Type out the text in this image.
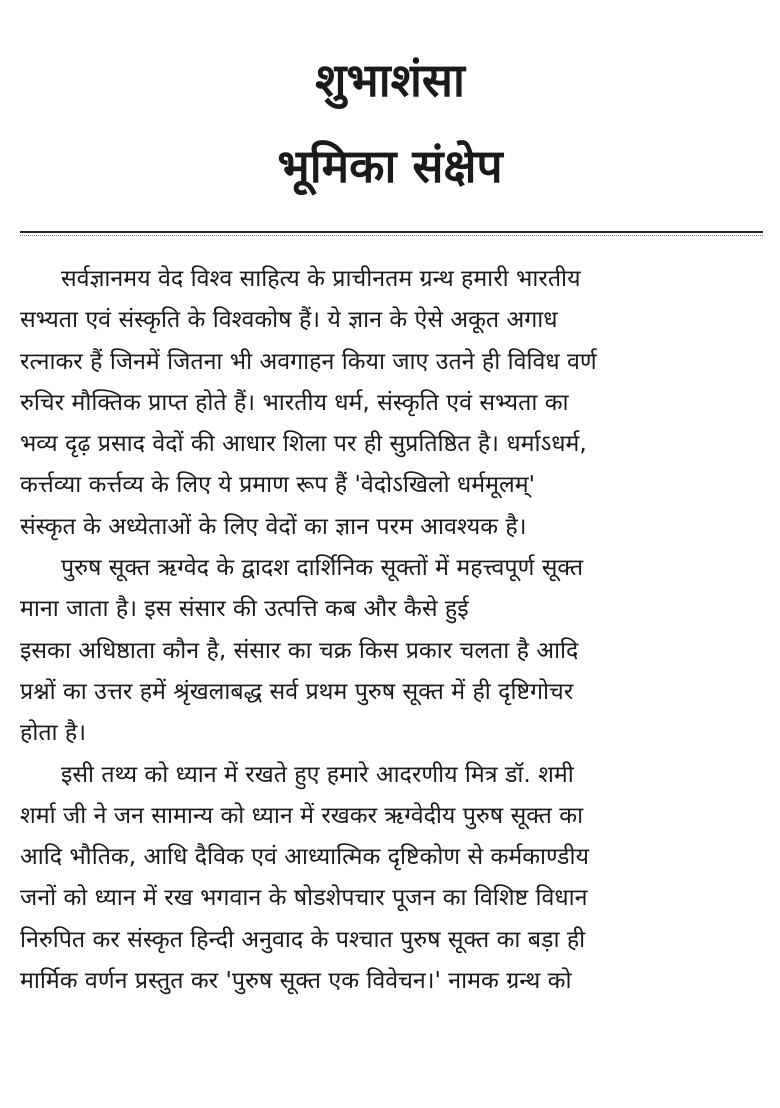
शुभाशंसा
भूमिका संक्षेप
सर्वज्ञानमय वेद विश्व साहित्य के प्राचीनतम ग्रन्थ हमारी भारतीय
सभ्यता एवं संस्कृति के विश्वकोष हैं। ये ज्ञान के ऐसे अकूत अगाध
रत्नाकर हैं जिनमें जितना भी अवगाहन किया जाए उतने ही विविध वर्ण
रुचिर मौक्तिक प्राप्त होते हैं। भारतीय धर्म, संस्कृति एवं सभ्यता का
भव्य दृढ़ प्रसाद वेदों की आधार शिला पर ही सुप्रतिष्ठित है। धर्माऽधर्म,
कर्त्तव्या कर्त्तव्य के लिए ये प्रमाण रूप हैं 'वेदोऽखिलो धर्ममूलम्'
संस्कृत के अध्येताओं के लिए वेदों का ज्ञान परम आवश्यक है।
पुरुष सूक्त ऋग्वेद के द्वादश दार्शिनिक सूक्तों में महत्त्वपूर्ण सूक्त
माना जाता है। इस संसार की उत्पत्ति कब और कैसे हुई
इसका अधिष्ठाता कौन है, संसार का चक्र किस प्रकार चलता है आदि
प्रश्नों का उत्तर हमें श्रृंखलाबद्ध सर्व प्रथम पुरुष सूक्त में ही दृष्टिगोचर
होता है।
इसी तथ्य को ध्यान में रखते हुए हमारे आदरणीय मित्र डॉ. शमी
शर्मा जी ने जन सामान्य को ध्यान में रखकर ऋग्वेदीय पुरुष सूक्त का
आदि भौतिक, आधि दैविक एवं आध्यात्मिक दृष्टिकोण से कर्मकाण्डीय
जनों को ध्यान में रख भगवान के षोडशेपचार पूजन का विशिष्ट विधान
निरुपित कर संस्कृत हिन्दी अनुवाद के पश्चात पुरुष सूक्त का बड़ा ही
मार्मिक वर्णन प्रस्तुत कर 'पुरुष सूक्त एक विवेचन।' नामक ग्रन्थ को
